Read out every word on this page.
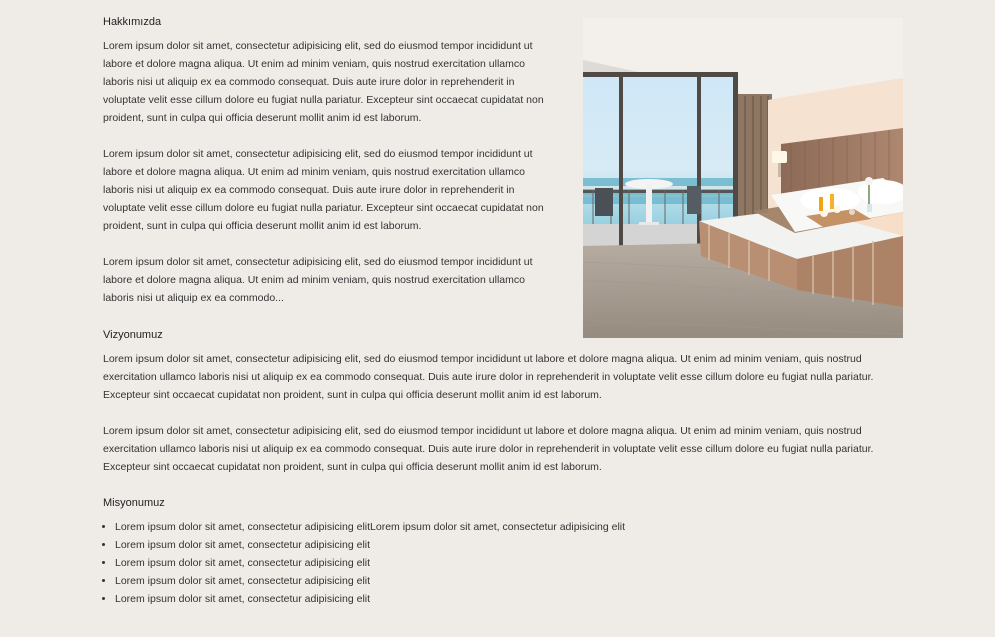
Hakkımızda

Lorem ipsum dolor sit amet, consectetur adipisicing elit, sed do eiusmod tempor incididunt ut labore et dolore magna aliqua. Ut enim ad minim veniam, quis nostrud exercitation ullamco laboris nisi ut aliquip ex ea commodo consequat. Duis aute irure dolor in reprehenderit in voluptate velit esse cillum dolore eu fugiat nulla pariatur. Excepteur sint occaecat cupidatat non proident, sunt in culpa qui officia deserunt mollit anim id est laborum.

Lorem ipsum dolor sit amet, consectetur adipisicing elit, sed do eiusmod tempor incididunt ut labore et dolore magna aliqua. Ut enim ad minim veniam, quis nostrud exercitation ullamco laboris nisi ut aliquip ex ea commodo consequat. Duis aute irure dolor in reprehenderit in voluptate velit esse cillum dolore eu fugiat nulla pariatur. Excepteur sint occaecat cupidatat non proident, sunt in culpa qui officia deserunt mollit anim id est laborum.

Lorem ipsum dolor sit amet, consectetur adipisicing elit, sed do eiusmod tempor incididunt ut labore et dolore magna aliqua. Ut enim ad minim veniam, quis nostrud exercitation ullamco laboris nisi ut aliquip ex ea commodo...

Vizyonumuz

Lorem ipsum dolor sit amet, consectetur adipisicing elit, sed do eiusmod tempor incididunt ut labore et dolore magna aliqua. Ut enim ad minim veniam, quis nostrud exercitation ullamco laboris nisi ut aliquip ex ea commodo consequat. Duis aute irure dolor in reprehenderit in voluptate velit esse cillum dolore eu fugiat nulla pariatur. Excepteur sint occaecat cupidatat non proident, sunt in culpa qui officia deserunt mollit anim id est laborum.

Lorem ipsum dolor sit amet, consectetur adipisicing elit, sed do eiusmod tempor incididunt ut labore et dolore magna aliqua. Ut enim ad minim veniam, quis nostrud exercitation ullamco laboris nisi ut aliquip ex ea commodo consequat. Duis aute irure dolor in reprehenderit in voluptate velit esse cillum dolore eu fugiat nulla pariatur. Excepteur sint occaecat cupidatat non proident, sunt in culpa qui officia deserunt mollit anim id est laborum.

Misyonumuz
• Lorem ipsum dolor sit amet, consectetur adipisicing elitLorem ipsum dolor sit amet, consectetur adipisicing elit
• Lorem ipsum dolor sit amet, consectetur adipisicing elit
• Lorem ipsum dolor sit amet, consectetur adipisicing elit
• Lorem ipsum dolor sit amet, consectetur adipisicing elit
• Lorem ipsum dolor sit amet, consectetur adipisicing elit
